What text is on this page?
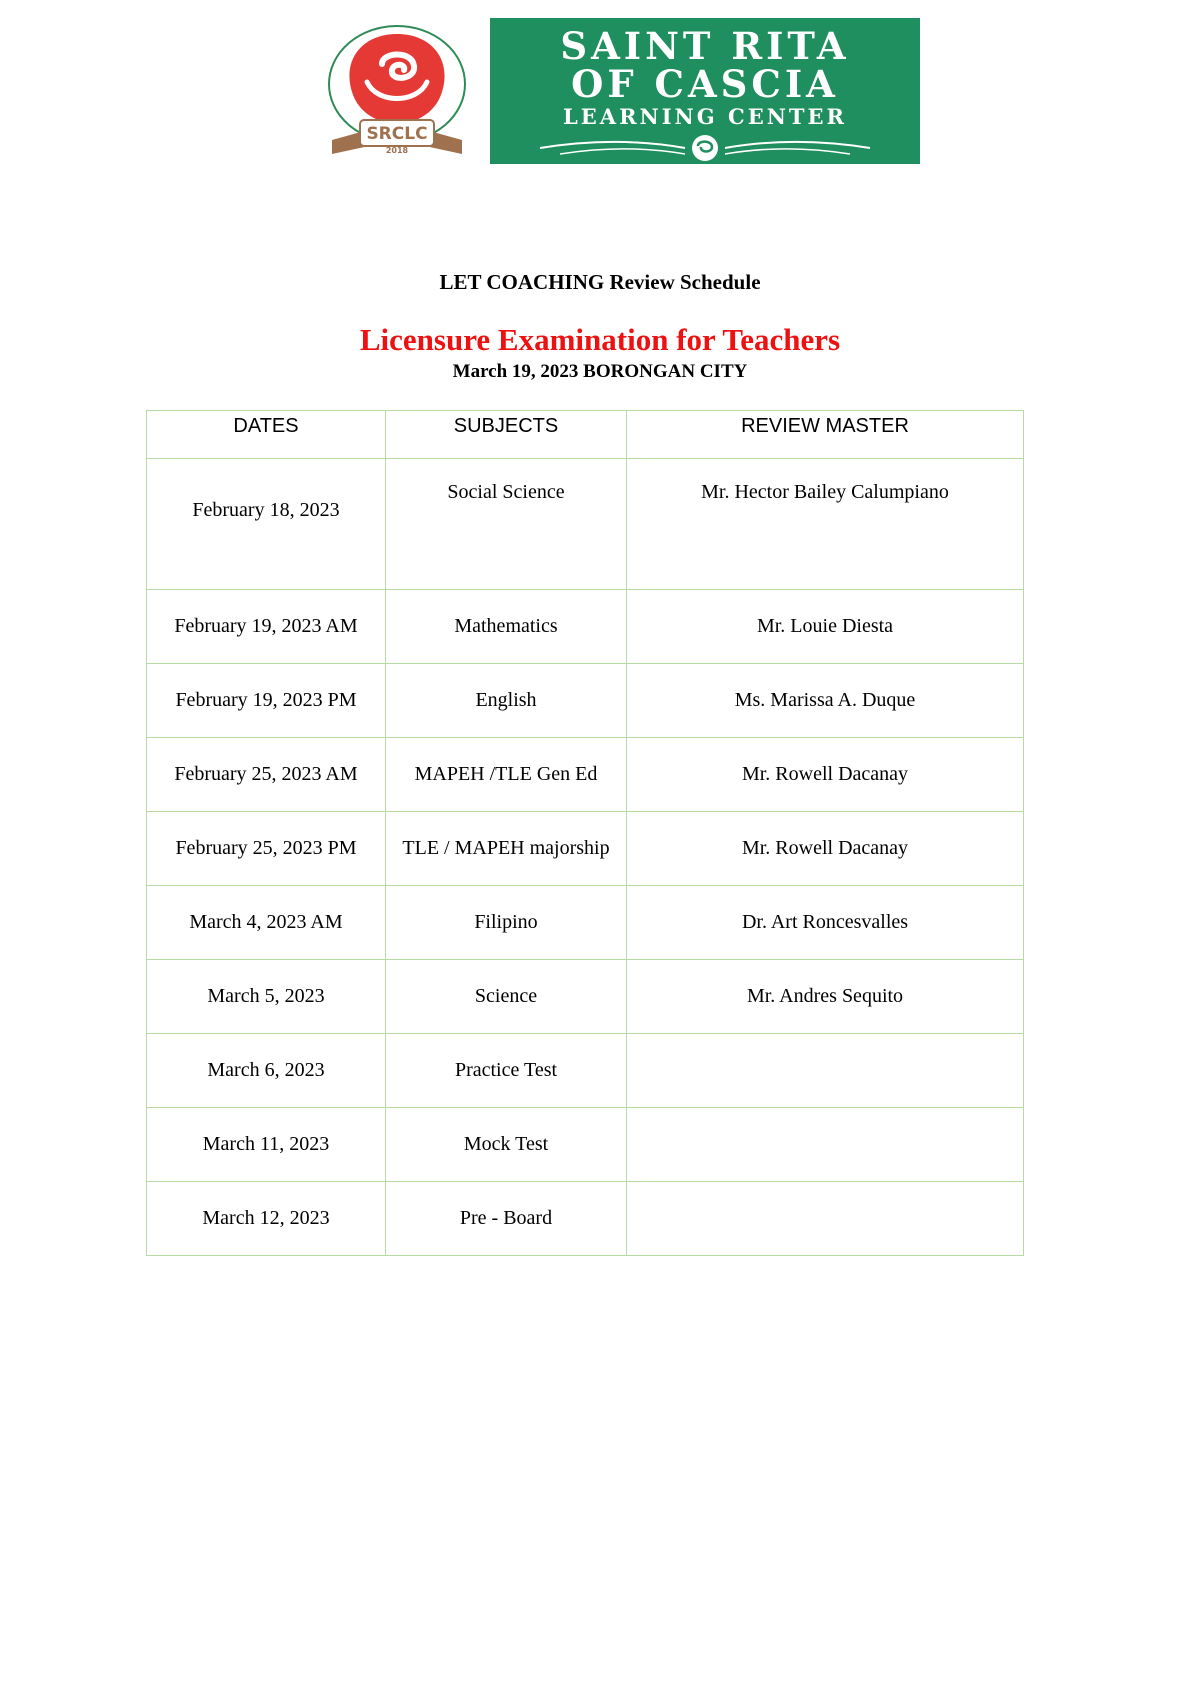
SRCLC
2018
SAINT RITA
OF CASCIA
LEARNING CENTER
LET COACHING Review Schedule
Licensure Examination for Teachers
March 19, 2023 BORONGAN CITY
DATES	SUBJECTS	REVIEW MASTER
February 18, 2023	Social Science	Mr. Hector Bailey Calumpiano
February 19, 2023 AM	Mathematics	Mr. Louie Diesta
February 19, 2023 PM	English	Ms. Marissa A. Duque
February 25, 2023 AM	MAPEH /TLE Gen Ed	Mr. Rowell Dacanay
February 25, 2023 PM	TLE / MAPEH majorship	Mr. Rowell Dacanay
March 4, 2023 AM	Filipino	Dr. Art Roncesvalles
March 5, 2023	Science	Mr. Andres Sequito
March 6, 2023	Practice Test	
March 11, 2023	Mock Test	
March 12, 2023	Pre - Board	
